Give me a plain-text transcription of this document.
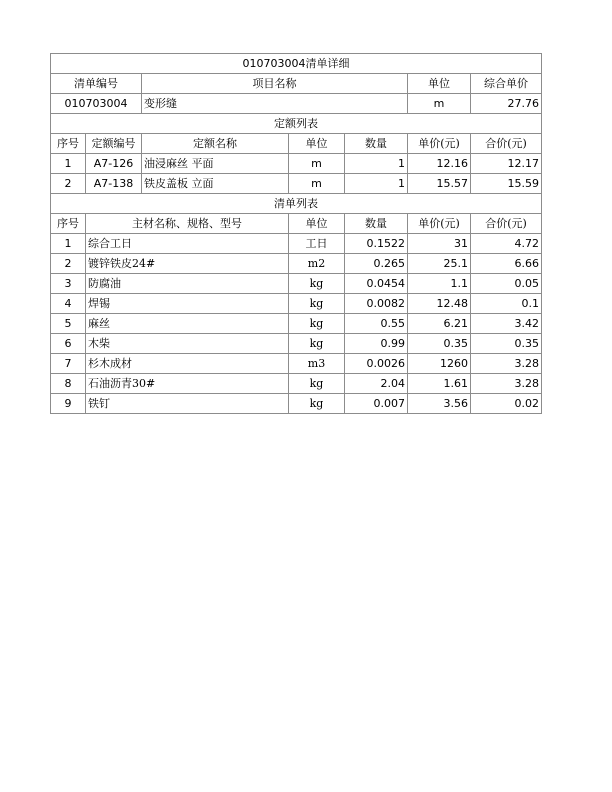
010703004清单详细						
清单编号		项目名称			单位	综合单价
010703004		变形缝			m	27.76
定额列表						
序号	定额编号	定额名称	单位	数量	单价(元)	合价(元)
1	A7-126	油浸麻丝 平面	m	1	12.16	12.17
2	A7-138	铁皮盖板 立面	m	1	15.57	15.59
清单列表						
序号	主材名称、规格、型号		单位	数量	单价(元)	合价(元)
1	综合工日		工日	0.1522	31	4.72
2	镀锌铁皮24#		m2	0.265	25.1	6.66
3	防腐油		kg	0.0454	1.1	0.05
4	焊锡		kg	0.0082	12.48	0.1
5	麻丝		kg	0.55	6.21	3.42
6	木柴		kg	0.99	0.35	0.35
7	杉木成材		m3	0.0026	1260	3.28
8	石油沥青30#		kg	2.04	1.61	3.28
9	铁钉		kg	0.007	3.56	0.02
